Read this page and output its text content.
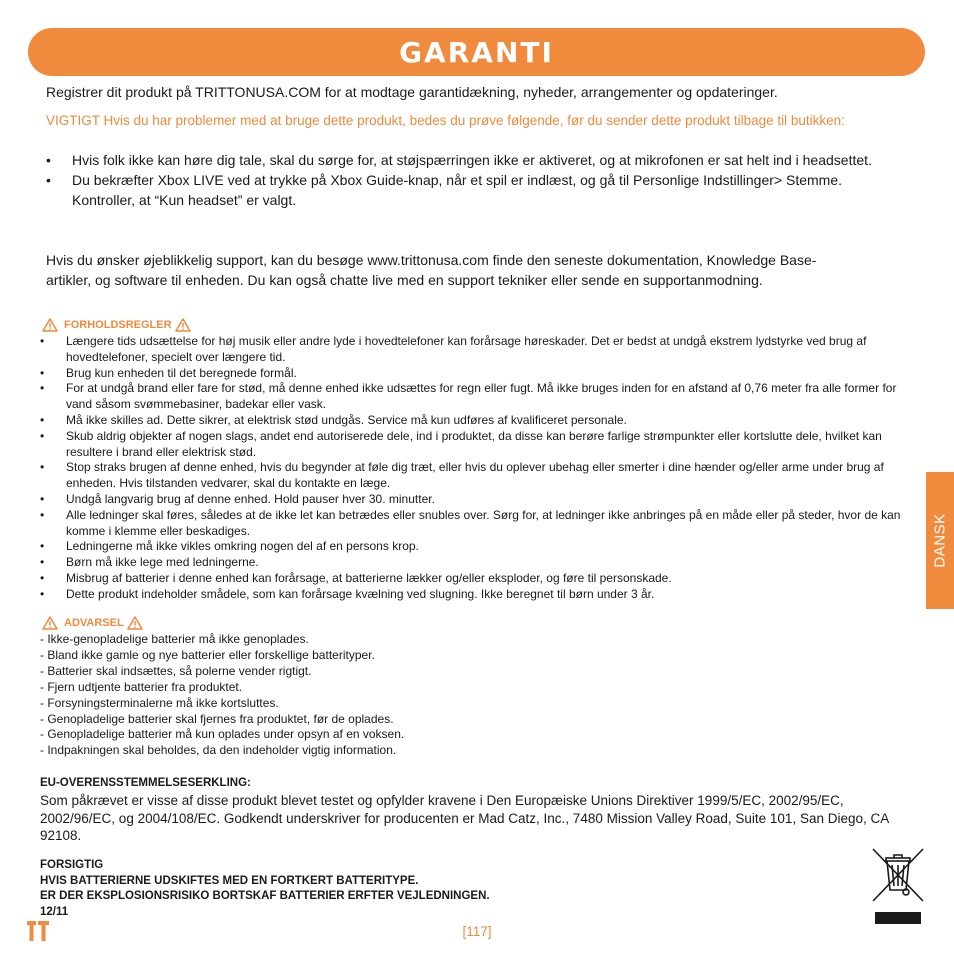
GARANTI
Registrer dit produkt på TRITTONUSA.COM for at modtage garantidækning, nyheder, arrangementer og opdateringer.
VIGTIGT Hvis du har problemer med at bruge dette produkt, bedes du prøve følgende, før du sender dette produkt tilbage til butikken:
• Hvis folk ikke kan høre dig tale, skal du sørge for, at støjspærringen ikke er aktiveret, og at mikrofonen er sat helt ind i headsettet.
• Du bekræfter Xbox LIVE ved at trykke på Xbox Guide-knap, når et spil er indlæst, og gå til Personlige Indstillinger> Stemme. Kontroller, at “Kun headset” er valgt.
Hvis du ønsker øjeblikkelig support, kan du besøge www.trittonusa.com finde den seneste dokumentation, Knowledge Base-artikler, og software til enheden. Du kan også chatte live med en support tekniker eller sende en supportanmodning.
FORHOLDSREGLER
• Længere tids udsættelse for høj musik eller andre lyde i hovedtelefoner kan forårsage høreskader. Det er bedst at undgå ekstrem lydstyrke ved brug af hovedtelefoner, specielt over længere tid.
• Brug kun enheden til det beregnede formål.
• For at undgå brand eller fare for stød, må denne enhed ikke udsættes for regn eller fugt. Må ikke bruges inden for en afstand af 0,76 meter fra alle former for vand såsom svømmebasiner, badekar eller vask.
• Må ikke skilles ad. Dette sikrer, at elektrisk stød undgås. Service må kun udføres af kvalificeret personale.
• Skub aldrig objekter af nogen slags, andet end autoriserede dele, ind i produktet, da disse kan berøre farlige strømpunkter eller kortslutte dele, hvilket kan resultere i brand eller elektrisk stød.
• Stop straks brugen af denne enhed, hvis du begynder at føle dig træt, eller hvis du oplever ubehag eller smerter i dine hænder og/eller arme under brug af enheden. Hvis tilstanden vedvarer, skal du kontakte en læge.
• Undgå langvarig brug af denne enhed. Hold pauser hver 30. minutter.
• Alle ledninger skal føres, således at de ikke let kan betrædes eller snubles over. Sørg for, at ledninger ikke anbringes på en måde eller på steder, hvor de kan komme i klemme eller beskadiges.
• Ledningerne må ikke vikles omkring nogen del af en persons krop.
• Børn må ikke lege med ledningerne.
• Misbrug af batterier i denne enhed kan forårsage, at batterierne lækker og/eller eksploder, og føre til personskade.
• Dette produkt indeholder smådele, som kan forårsage kvælning ved slugning. Ikke beregnet til børn under 3 år.
ADVARSEL
- Ikke-genopladelige batterier må ikke genoplades.
- Bland ikke gamle og nye batterier eller forskellige batterityper.
- Batterier skal indsættes, så polerne vender rigtigt.
- Fjern udtjente batterier fra produktet.
- Forsyningsterminalerne må ikke kortsluttes.
- Genopladelige batterier skal fjernes fra produktet, før de oplades.
- Genopladelige batterier må kun oplades under opsyn af en voksen.
- Indpakningen skal beholdes, da den indeholder vigtig information.
EU-OVERENSSTEMMELSESERKLING:
Som påkrævet er visse af disse produkt blevet testet og opfylder kravene i Den Europæiske Unions Direktiver 1999/5/EC, 2002/95/EC, 2002/96/EC, og 2004/108/EC. Godkendt underskriver for producenten er Mad Catz, Inc., 7480 Mission Valley Road, Suite 101, San Diego, CA 92108.
FORSIGTIG
HVIS BATTERIERNE UDSKIFTES MED EN FORTKERT BATTERITYPE.
ER DER EKSPLOSIONSRISIKO BORTSKAF BATTERIER ERFTER VEJLEDNINGEN.
12/11
[117]
DANSK
